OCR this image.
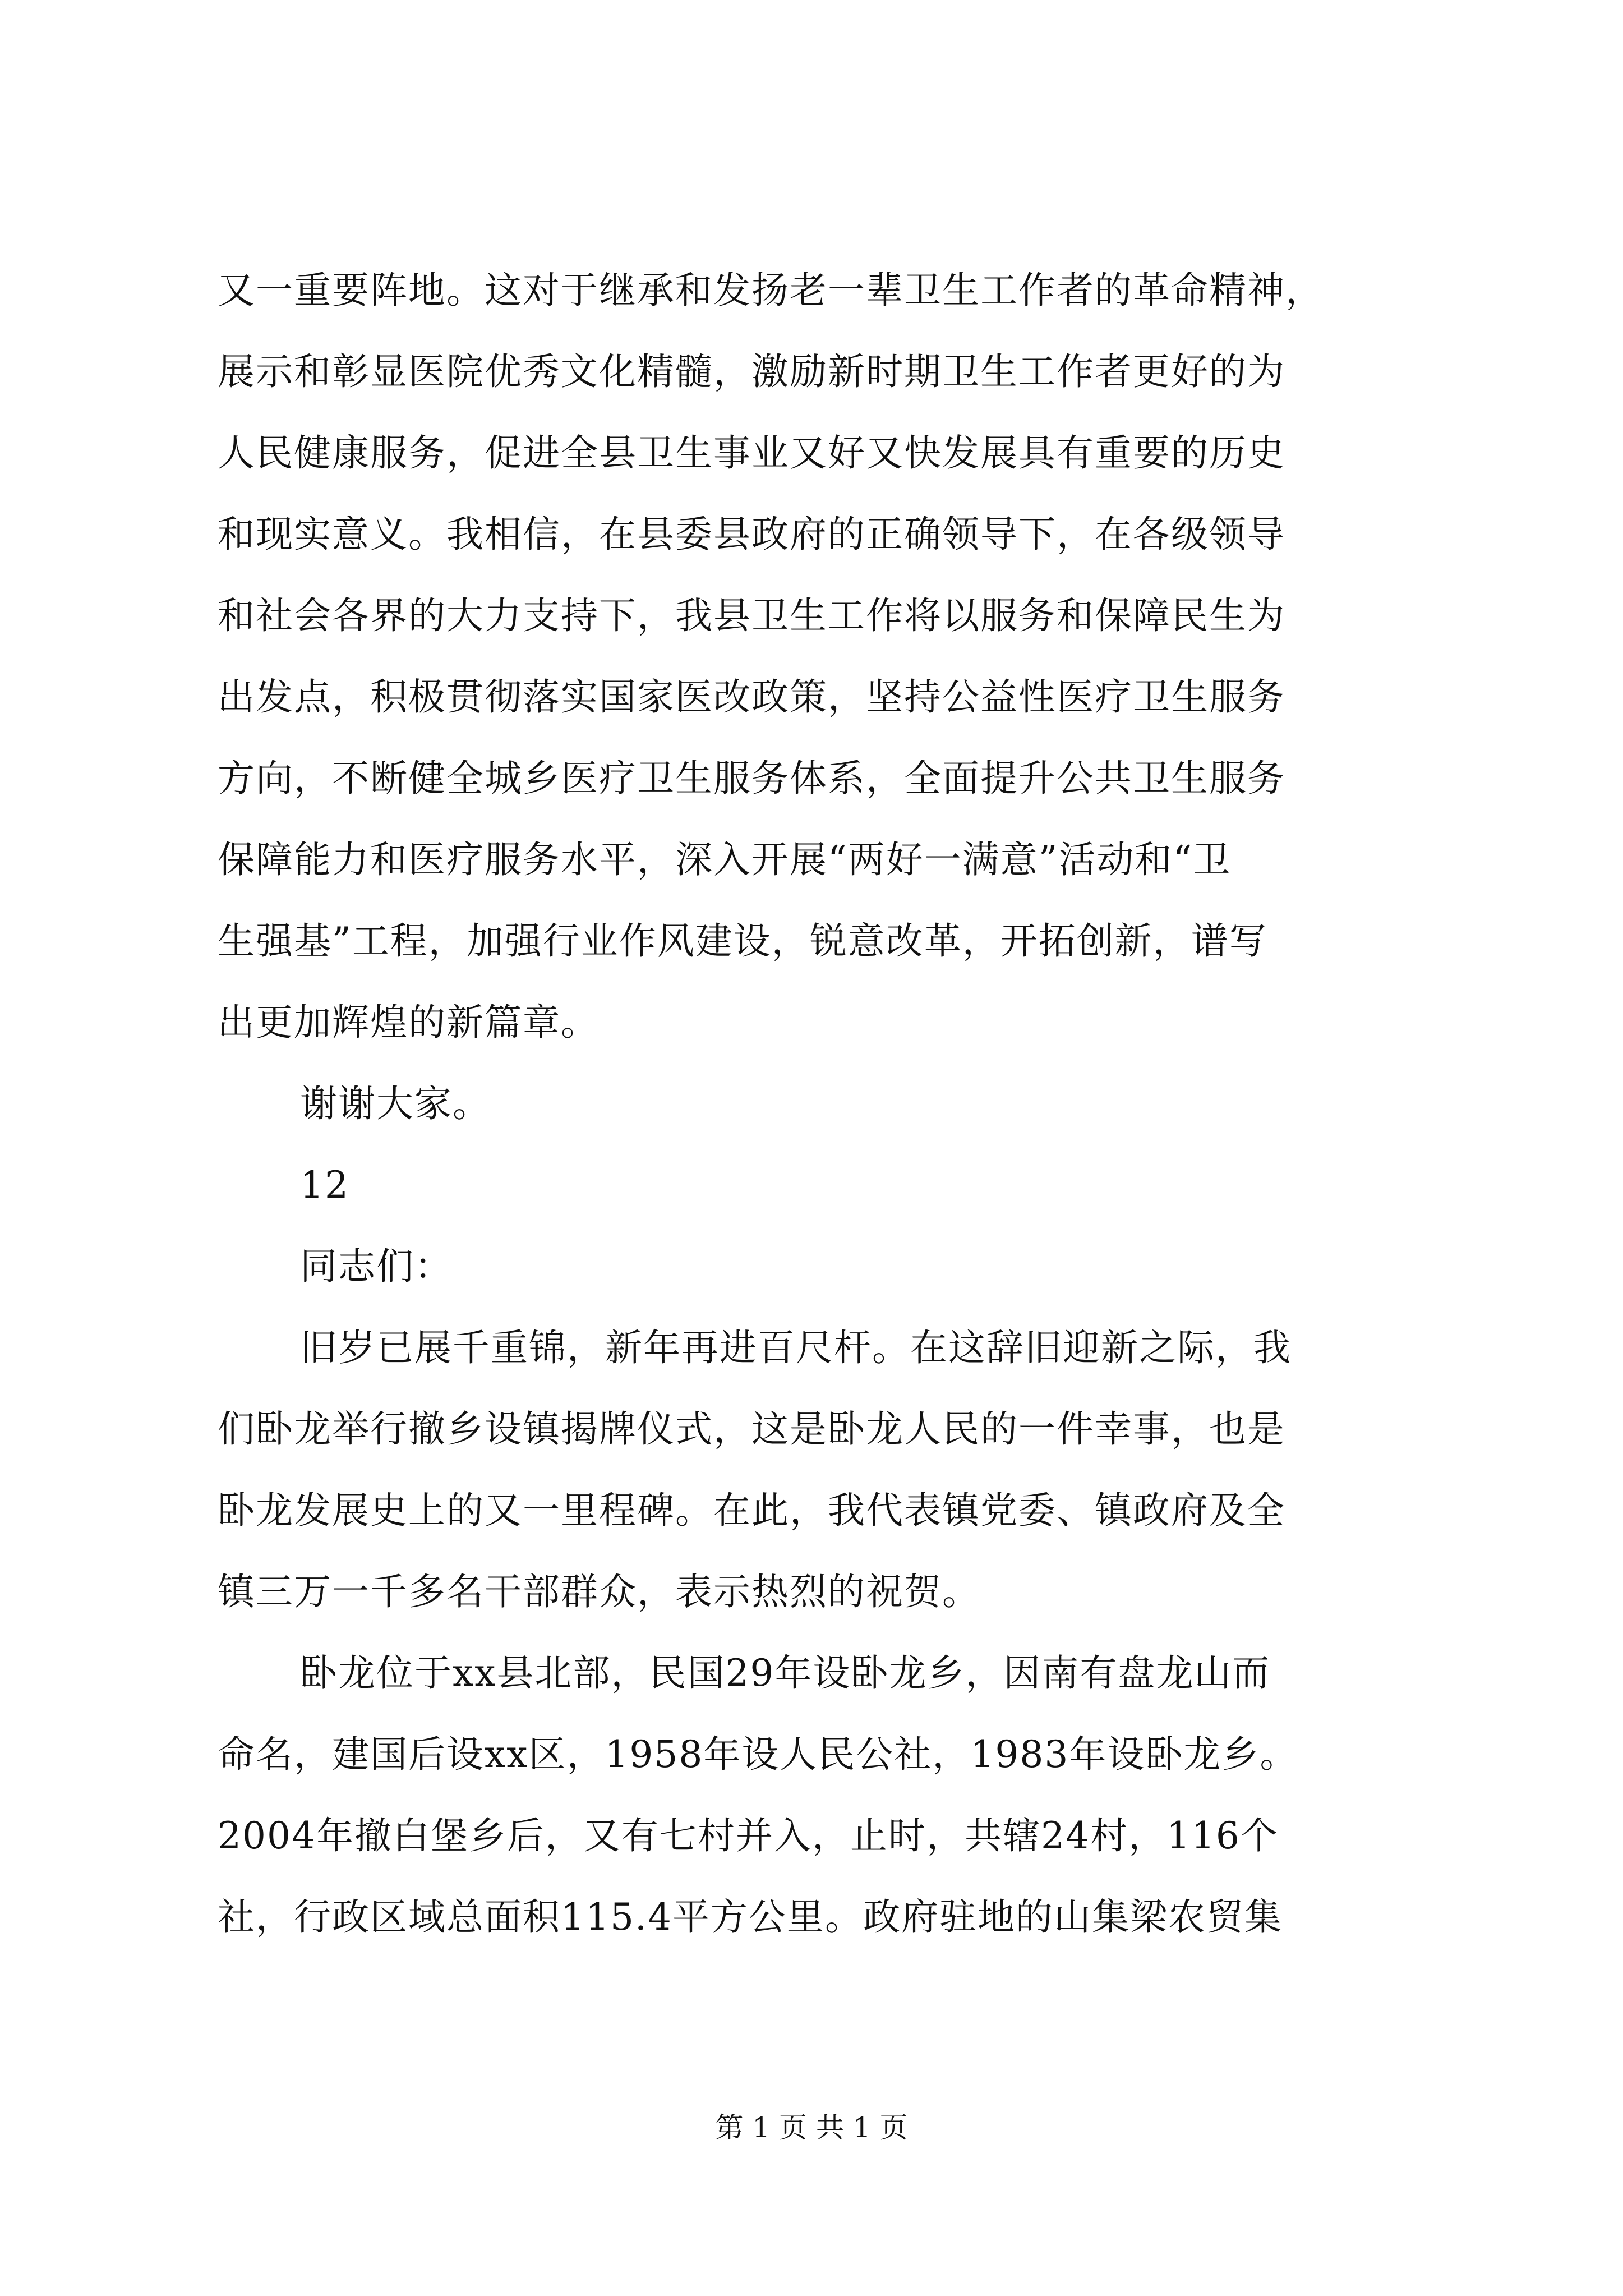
又一重要阵地。这对于继承和发扬老一辈卫生工作者的革命精神，
展示和彰显医院优秀文化精髓，激励新时期卫生工作者更好的为
人民健康服务，促进全县卫生事业又好又快发展具有重要的历史
和现实意义。我相信，在县委县政府的正确领导下，在各级领导
和社会各界的大力支持下，我县卫生工作将以服务和保障民生为
出发点，积极贯彻落实国家医改政策，坚持公益性医疗卫生服务
方向，不断健全城乡医疗卫生服务体系，全面提升公共卫生服务
保障能力和医疗服务水平，深入开展“两好一满意”活动和“卫
生强基”工程，加强行业作风建设，锐意改革，开拓创新，谱写
出更加辉煌的新篇章。
谢谢大家。
12
同志们：
旧岁已展千重锦，新年再进百尺杆。在这辞旧迎新之际，我
们卧龙举行撤乡设镇揭牌仪式，这是卧龙人民的一件幸事，也是
卧龙发展史上的又一里程碑。在此，我代表镇党委、镇政府及全
镇三万一千多名干部群众，表示热烈的祝贺。
卧龙位于xx县北部，民国29年设卧龙乡，因南有盘龙山而
命名，建国后设xx区，1958年设人民公社，1983年设卧龙乡。
2004年撤白堡乡后，又有七村并入，止时，共辖24村，116个
社，行政区域总面积115.4平方公里。政府驻地的山集梁农贸集
第 1 页 共 1 页
